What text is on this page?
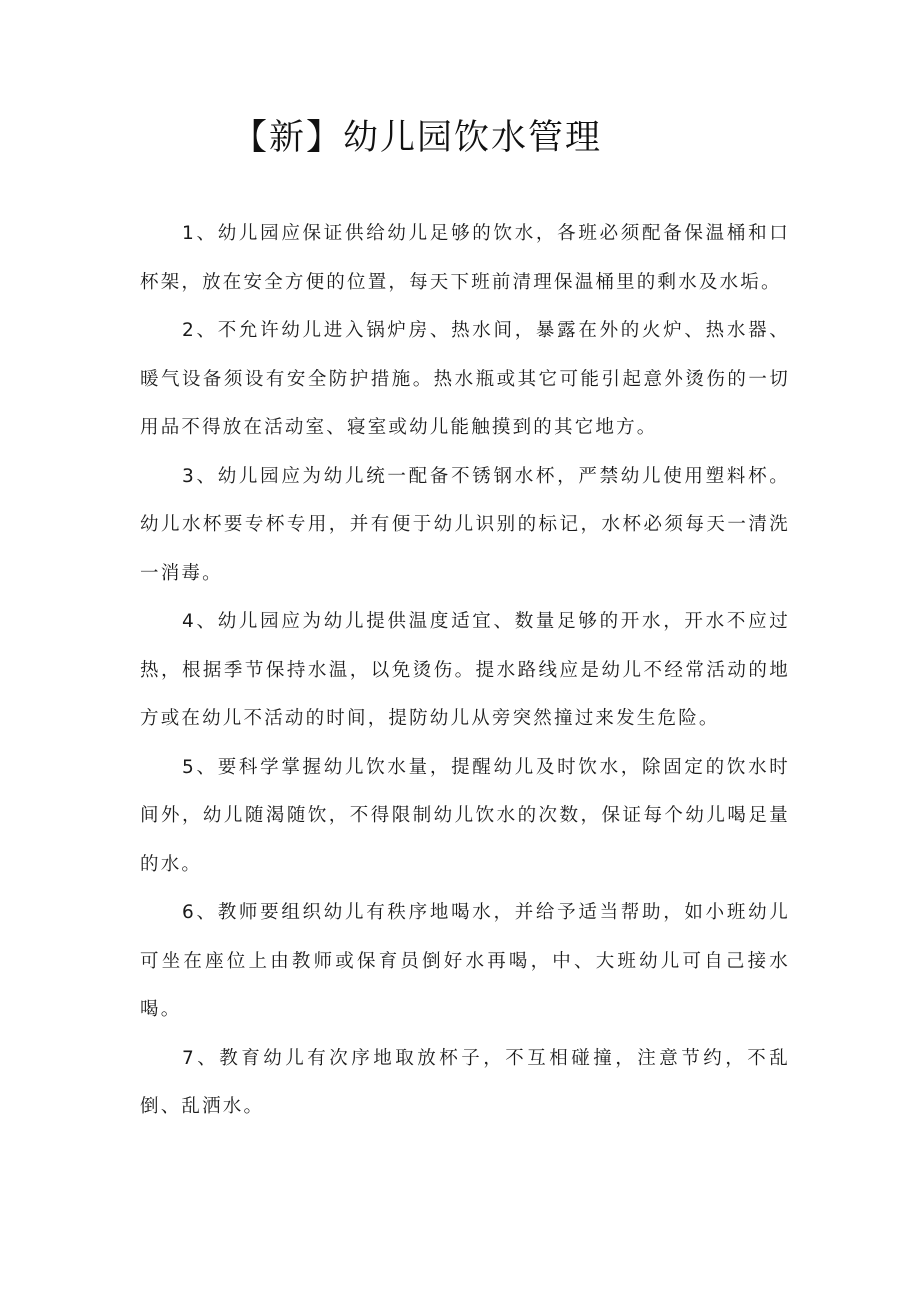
【新】幼儿园饮水管理

1、幼儿园应保证供给幼儿足够的饮水，各班必须配备保温桶和口杯架，放在安全方便的位置，每天下班前清理保温桶里的剩水及水垢。

2、不允许幼儿进入锅炉房、热水间，暴露在外的火炉、热水器、暖气设备须设有安全防护措施。热水瓶或其它可能引起意外烫伤的一切用品不得放在活动室、寝室或幼儿能触摸到的其它地方。

3、幼儿园应为幼儿统一配备不锈钢水杯，严禁幼儿使用塑料杯。幼儿水杯要专杯专用，并有便于幼儿识别的标记，水杯必须每天一清洗一消毒。

4、幼儿园应为幼儿提供温度适宜、数量足够的开水，开水不应过热，根据季节保持水温，以免烫伤。提水路线应是幼儿不经常活动的地方或在幼儿不活动的时间，提防幼儿从旁突然撞过来发生危险。

5、要科学掌握幼儿饮水量，提醒幼儿及时饮水，除固定的饮水时间外，幼儿随渴随饮，不得限制幼儿饮水的次数，保证每个幼儿喝足量的水。

6、教师要组织幼儿有秩序地喝水，并给予适当帮助，如小班幼儿可坐在座位上由教师或保育员倒好水再喝，中、大班幼儿可自己接水喝。

7、教育幼儿有次序地取放杯子，不互相碰撞，注意节约，不乱倒、乱洒水。
